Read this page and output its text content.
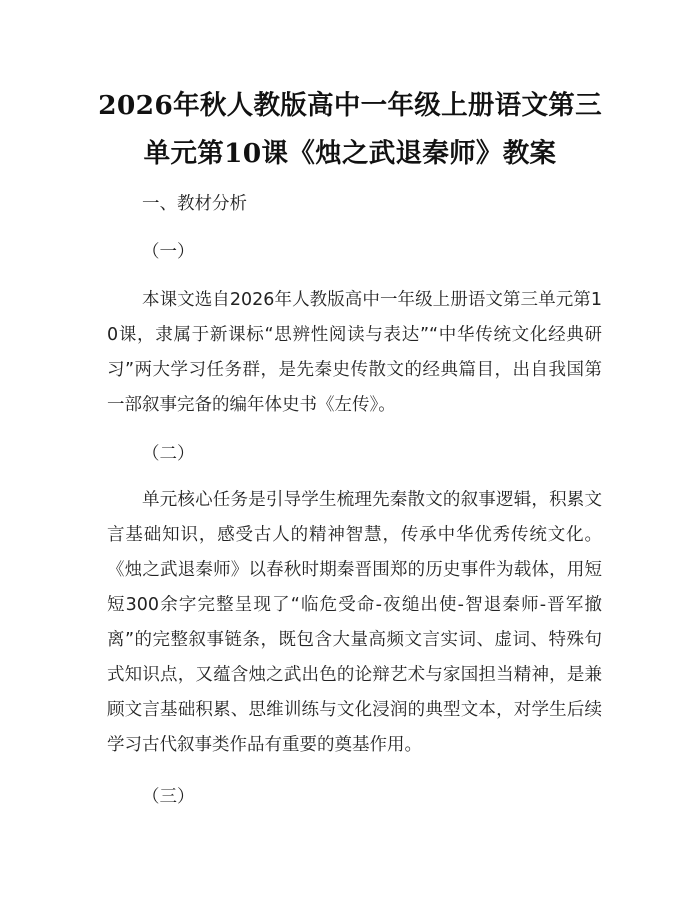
2026年秋人教版高中一年级上册语文第三单元第10课《烛之武退秦师》教案
一、教材分析
（一）
本课文选自2026年人教版高中一年级上册语文第三单元第10课，隶属于新课标“思辨性阅读与表达”“中华传统文化经典研习”两大学习任务群，是先秦史传散文的经典篇目，出自我国第一部叙事完备的编年体史书《左传》。
（二）
单元核心任务是引导学生梳理先秦散文的叙事逻辑，积累文言基础知识，感受古人的精神智慧，传承中华优秀传统文化。《烛之武退秦师》以春秋时期秦晋围郑的历史事件为载体，用短短300余字完整呈现了“临危受命-夜缒出使-智退秦师-晋军撤离”的完整叙事链条，既包含大量高频文言实词、虚词、特殊句式知识点，又蕴含烛之武出色的论辩艺术与家国担当精神，是兼顾文言基础积累、思维训练与文化浸润的典型文本，对学生后续学习古代叙事类作品有重要的奠基作用。
（三）
